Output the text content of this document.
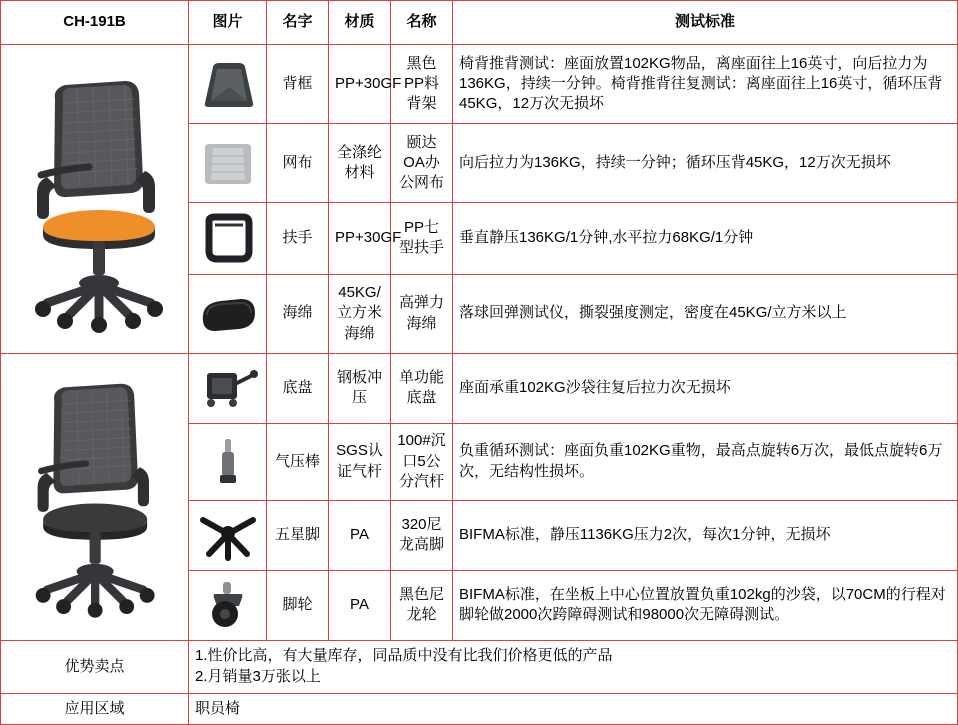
CH-191B	图片	名字	材质	名称	测试标准

	背框	PP+30GF	黑色PP料背架	椅背推背测试：座面放置102KG物品，离座面往上16英寸，向后拉力为136KG，持续一分钟。椅背推背往复测试：离座面往上16英寸，循环压背45KG，12万次无损坏

	网布	全涤纶材料	颐达OA办公网布	向后拉力为136KG，持续一分钟；循环压背45KG，12万次无损坏

	扶手	PP+30GF	PP七型扶手	垂直静压136KG/1分钟,水平拉力68KG/1分钟

	海绵	45KG/立方米海绵	高弹力海绵	落球回弹测试仪，撕裂强度测定，密度在45KG/立方米以上

	底盘	钢板冲压	单功能底盘	座面承重102KG沙袋往复后拉力次无损坏

	气压棒	SGS认证气杆	100#沉口5公分汽杆	负重循环测试：座面负重102KG重物，最高点旋转6万次，最低点旋转6万次，无结构性损坏。

	五星脚	PA	320尼龙高脚	BIFMA标准，静压1136KG压力2次，每次1分钟，无损坏

	脚轮	PA	黑色尼龙轮	BIFMA标准，在坐板上中心位置放置负重102kg的沙袋，以70CM的行程对脚轮做2000次跨障碍测试和98000次无障碍测试。
优势卖点	1.性价比高，有大量库存，同品质中没有比我们价格更低的产品
2.月销量3万张以上				

应用区域	职员椅				
